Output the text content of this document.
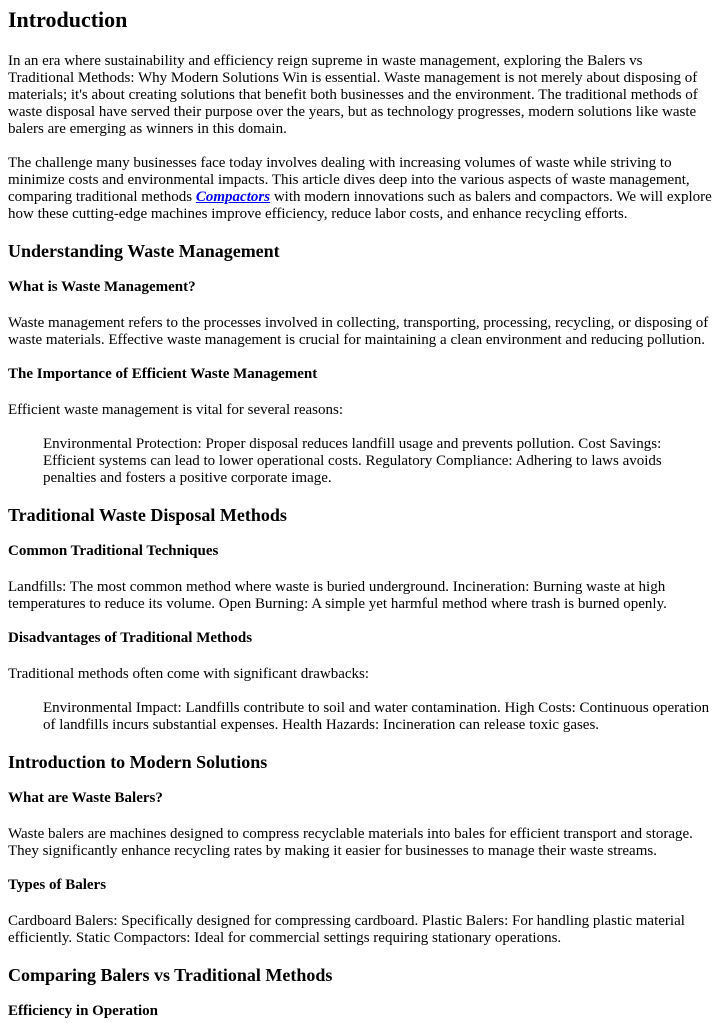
Introduction

In an era where sustainability and efficiency reign supreme in waste management, exploring the Balers vs Traditional Methods: Why Modern Solutions Win is essential. Waste management is not merely about disposing of materials; it's about creating solutions that benefit both businesses and the environment. The traditional methods of waste disposal have served their purpose over the years, but as technology progresses, modern solutions like waste balers are emerging as winners in this domain.

The challenge many businesses face today involves dealing with increasing volumes of waste while striving to minimize costs and environmental impacts. This article dives deep into the various aspects of waste management, comparing traditional methods Compactors with modern innovations such as balers and compactors. We will explore how these cutting-edge machines improve efficiency, reduce labor costs, and enhance recycling efforts.

Understanding Waste Management
What is Waste Management?

Waste management refers to the processes involved in collecting, transporting, processing, recycling, or disposing of waste materials. Effective waste management is crucial for maintaining a clean environment and reducing pollution.

The Importance of Efficient Waste Management

Efficient waste management is vital for several reasons:

Environmental Protection: Proper disposal reduces landfill usage and prevents pollution. Cost Savings: Efficient systems can lead to lower operational costs. Regulatory Compliance: Adhering to laws avoids penalties and fosters a positive corporate image.
Traditional Waste Disposal Methods
Common Traditional Techniques

Landfills: The most common method where waste is buried underground. Incineration: Burning waste at high temperatures to reduce its volume. Open Burning: A simple yet harmful method where trash is burned openly.

Disadvantages of Traditional Methods

Traditional methods often come with significant drawbacks:

Environmental Impact: Landfills contribute to soil and water contamination. High Costs: Continuous operation of landfills incurs substantial expenses. Health Hazards: Incineration can release toxic gases.
Introduction to Modern Solutions
What are Waste Balers?

Waste balers are machines designed to compress recyclable materials into bales for efficient transport and storage. They significantly enhance recycling rates by making it easier for businesses to manage their waste streams.

Types of Balers

Cardboard Balers: Specifically designed for compressing cardboard. Plastic Balers: For handling plastic material efficiently. Static Compactors: Ideal for commercial settings requiring stationary operations.

Comparing Balers vs Traditional Methods
Efficiency in Operation
